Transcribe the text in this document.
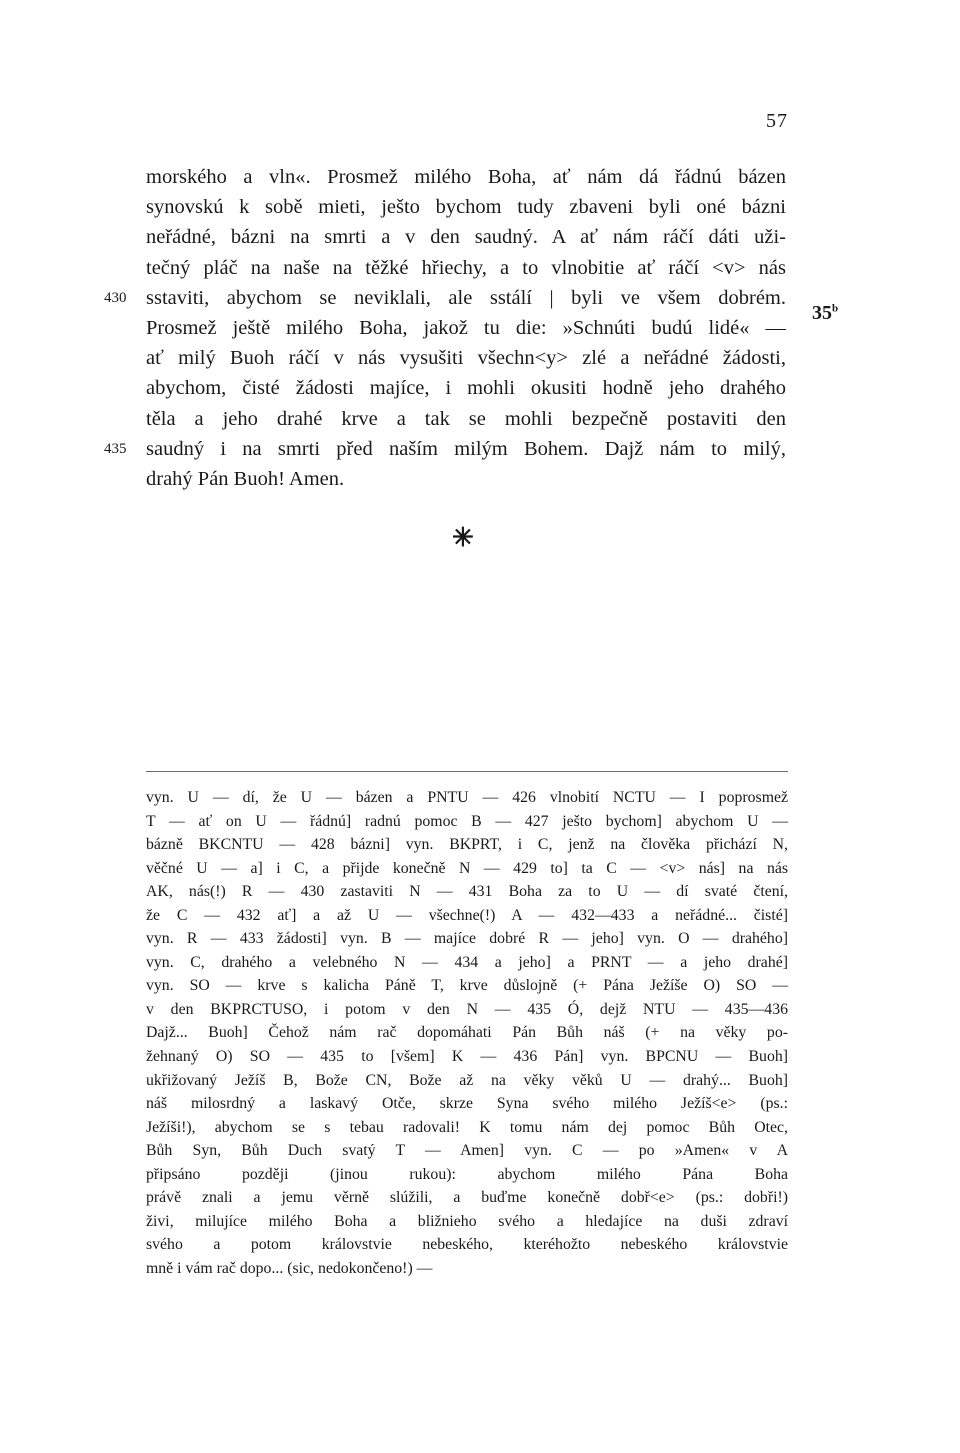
57
morského a vln«. Prosmež milého Boha, ať nám dá řádnú bázen
synovskú k sobě mieti, ješto bychom tudy zbaveni byli oné bázni
neřádné, bázni na smrti a v den saudný. A ať nám ráčí dáti uži-
tečný pláč na naše na těžké hřiechy, a to vlnobitie ať ráčí <v> nás
430 sstaviti, abychom se neviklali, ale sstálí | byli ve všem dobrém.
Prosmež ještě milého Boha, jakož tu die: »Schnúti budú lidé« —
ať milý Buoh ráčí v nás vysušiti všechn<y> zlé a neřádné žádosti,
abychom, čisté žádosti majíce, i mohli okusiti hodně jeho drahého
těla a jeho drahé krve a tak se mohli bezpečně postaviti den
435 saudný i na smrti před naším milým Bohem. Dajž nám to milý,
drahý Pán Buoh! Amen.
35$^b$
✳
vyn. U — dí, že U — bázen a PNTU — 426 vlnobití NCTU — I poprosmež
T — ať on U — řádnú] radnú pomoc B — 427 ješto bychom] abychom U —
bázně BKCNTU — 428 bázni] vyn. BKPRT, i C, jenž na člověka přichází N,
věčné U — a] i C, a přijde konečně N — 429 to] ta C — <v> nás] na nás
AK, nás(!) R — 430 zastaviti N — 431 Boha za to U — dí svaté čtení,
že C — 432 ať] a až U — všechne(!) A — 432—433 a neřádné... čisté]
vyn. R — 433 žádosti] vyn. B — majíce dobré R — jeho] vyn. O — drahého]
vyn. C, drahého a velebného N — 434 a jeho] a PRNT — a jeho drahé]
vyn. SO — krve s kalicha Páně T, krve důslojně (+ Pána Ježíše O) SO —
v den BKPRCTUSO, i potom v den N — 435 Ó, dejž NTU — 435—436
Dajž... Buoh] Čehož nám rač dopomáhati Pán Bůh náš (+ na věky po-
žehnaný O) SO — 435 to [všem] K — 436 Pán] vyn. BPCNU — Buoh]
ukřižovaný Ježíš B, Bože CN, Bože až na věky věků U — drahý... Buoh]
náš milosrdný a laskavý Otče, skrze Syna svého milého Ježíš<e> (ps.:
Ježíši!), abychom se s tebau radovali! K tomu nám dej pomoc Bůh Otec,
Bůh Syn, Bůh Duch svatý T — Amen] vyn. C — po »Amen« v A
připsáno později (jinou rukou): abychom milého Pána Boha
právě znali a jemu věrně slúžili, a buďme konečně dobř<e> (ps.: dobři!)
živi, milujíce milého Boha a bližnieho svého a hledajíce na duši zdraví
svého a potom královstvie nebeského, kteréhožto nebeského královstvie
mně i vám rač dopo... (sic, nedokončeno!) —
